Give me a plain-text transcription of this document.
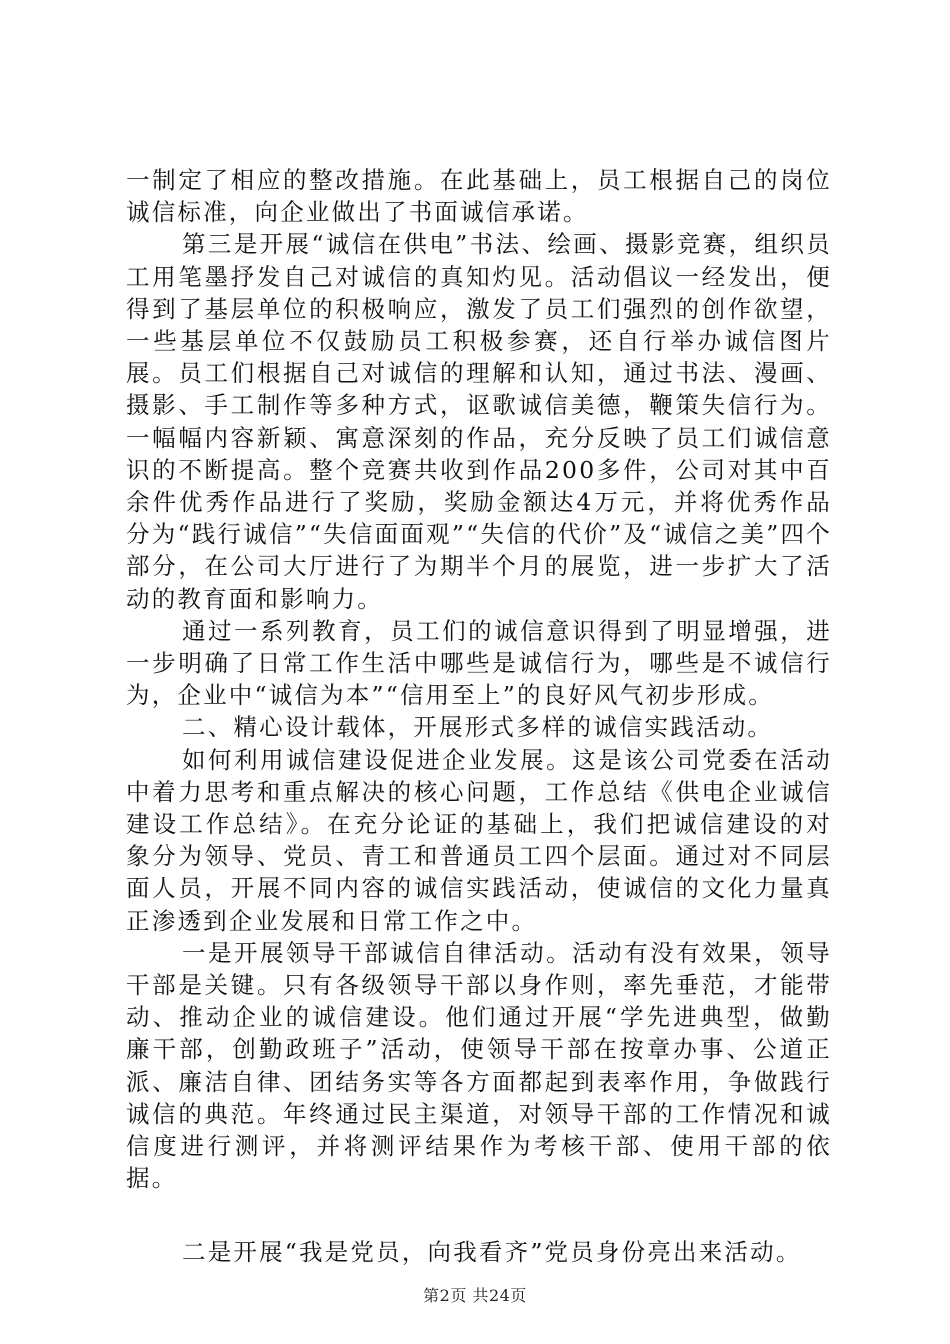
一制定了相应的整改措施。在此基础上，员工根据自己的岗位诚信标准，向企业做出了书面诚信承诺。

第三是开展“诚信在供电”书法、绘画、摄影竞赛，组织员工用笔墨抒发自己对诚信的真知灼见。活动倡议一经发出，便得到了基层单位的积极响应，激发了员工们强烈的创作欲望，一些基层单位不仅鼓励员工积极参赛，还自行举办诚信图片展。员工们根据自己对诚信的理解和认知，通过书法、漫画、摄影、手工制作等多种方式，讴歌诚信美德，鞭策失信行为。一幅幅内容新颖、寓意深刻的作品，充分反映了员工们诚信意识的不断提高。整个竞赛共收到作品200多件，公司对其中百余件优秀作品进行了奖励，奖励金额达4万元，并将优秀作品分为“践行诚信”“失信面面观”“失信的代价”及“诚信之美”四个部分，在公司大厅进行了为期半个月的展览，进一步扩大了活动的教育面和影响力。

通过一系列教育，员工们的诚信意识得到了明显增强，进一步明确了日常工作生活中哪些是诚信行为，哪些是不诚信行为，企业中“诚信为本”“信用至上”的良好风气初步形成。

二、精心设计载体，开展形式多样的诚信实践活动。

如何利用诚信建设促进企业发展。这是该公司党委在活动中着力思考和重点解决的核心问题，工作总结《供电企业诚信建设工作总结》。在充分论证的基础上，我们把诚信建设的对象分为领导、党员、青工和普通员工四个层面。通过对不同层面人员，开展不同内容的诚信实践活动，使诚信的文化力量真正渗透到企业发展和日常工作之中。

一是开展领导干部诚信自律活动。活动有没有效果，领导干部是关键。只有各级领导干部以身作则，率先垂范，才能带动、推动企业的诚信建设。他们通过开展“学先进典型，做勤廉干部，创勤政班子”活动，使领导干部在按章办事、公道正派、廉洁自律、团结务实等各方面都起到表率作用，争做践行诚信的典范。年终通过民主渠道，对领导干部的工作情况和诚信度进行测评，并将测评结果作为考核干部、使用干部的依据。

二是开展“我是党员，向我看齐”党员身份亮出来活动。

第2页 共24页
